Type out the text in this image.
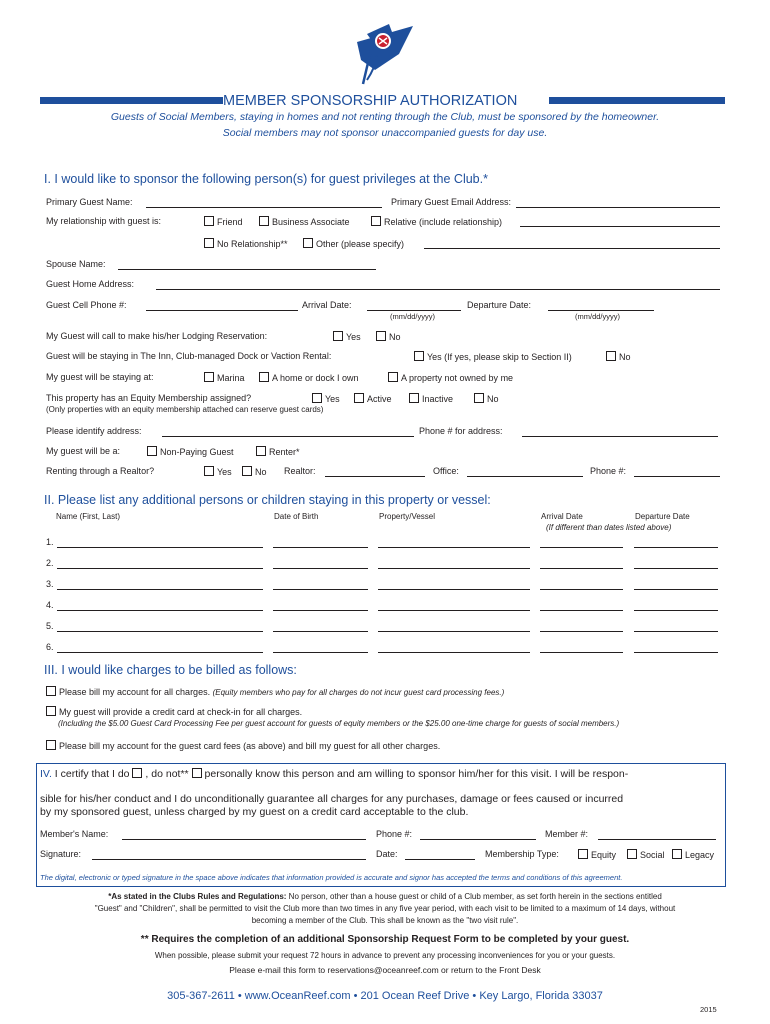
MEMBER SPONSORSHIP AUTHORIZATION
Guests of Social Members, staying in homes and not renting through the Club, must be sponsored by the homeowner.
Social members may not sponsor unaccompanied guests for day use.
I. I would like to sponsor the following person(s) for guest privileges at the Club.*
Primary Guest Name:	Primary Guest Email Address:
My relationship with guest is:	Friend	Business Associate	Relative (include relationship)
No Relationship**	Other (please specify)
Spouse Name:
Guest Home Address:
Guest Cell Phone #:	Arrival Date:	Departure Date:
(mm/dd/yyyy)	(mm/dd/yyyy)
My Guest will call to make his/her Lodging Reservation:	Yes	No
Guest will be staying in The Inn, Club-managed Dock or Vaction Rental:	Yes (If yes, please skip to Section II)	No
My guest will be staying at:	Marina	A home or dock I own	A property not owned by me
This property has an Equity Membership assigned?	Yes	Active	Inactive	No
(Only properties with an equity membership attached can reserve guest cards)
Please identify address:	Phone # for address:
My guest will be a:	Non-Paying Guest	Renter*
Renting through a Realtor?	Yes	No Realtor:	Office:	Phone #:
II. Please list any additional persons or children staying in this property or vessel:
Name (First, Last)	Date of Birth	Property/Vessel	Arrival Date	Departure Date
(If different than dates listed above)
1.
2.
3.
4.
5.
6.
III. I would like charges to be billed as follows:
Please bill my account for all charges. (Equity members who pay for all charges do not incur guest card processing fees.)
My guest will provide a credit card at check-in for all charges.
(Including the $5.00 Guest Card Processing Fee per guest account for guests of equity members or the $25.00 one-time charge for guests of social members.)
Please bill my account for the guest card fees (as above) and bill my guest for all other charges.
IV. I certify that I do , do not** personally know this person and am willing to sponsor him/her for this visit. I will be respon-
sible for his/her conduct and I do unconditionally guarantee all charges for any purchases, damage or fees caused or incurred
by my sponsored guest, unless charged by my guest on a credit card acceptable to the club.
Member's Name:	Phone #:	Member #:
Signature:	Date:	Membership Type:	Equity	Social	Legacy
The digital, electronic or typed signature in the space above indicates that information provided is accurate and signor has accepted the terms and conditions of this agreement.
*As stated in the Clubs Rules and Regulations: No person, other than a house guest or child of a Club member, as set forth herein in the sections entitled
"Guest" and "Children", shall be permitted to visit the Club more than two times in any five year period, with each visit to be limited to a maximum of 14 days, without
becoming a member of the Club. This shall be known as the "two visit rule".
** Requires the completion of an additional Sponsorship Request Form to be completed by your guest.
When possible, please submit your request 72 hours in advance to prevent any processing inconveniences for you or your guests.
Please e-mail this form to reservations@oceanreef.com or return to the Front Desk
305-367-2611 • www.OceanReef.com • 201 Ocean Reef Drive • Key Largo, Florida 33037
2015
